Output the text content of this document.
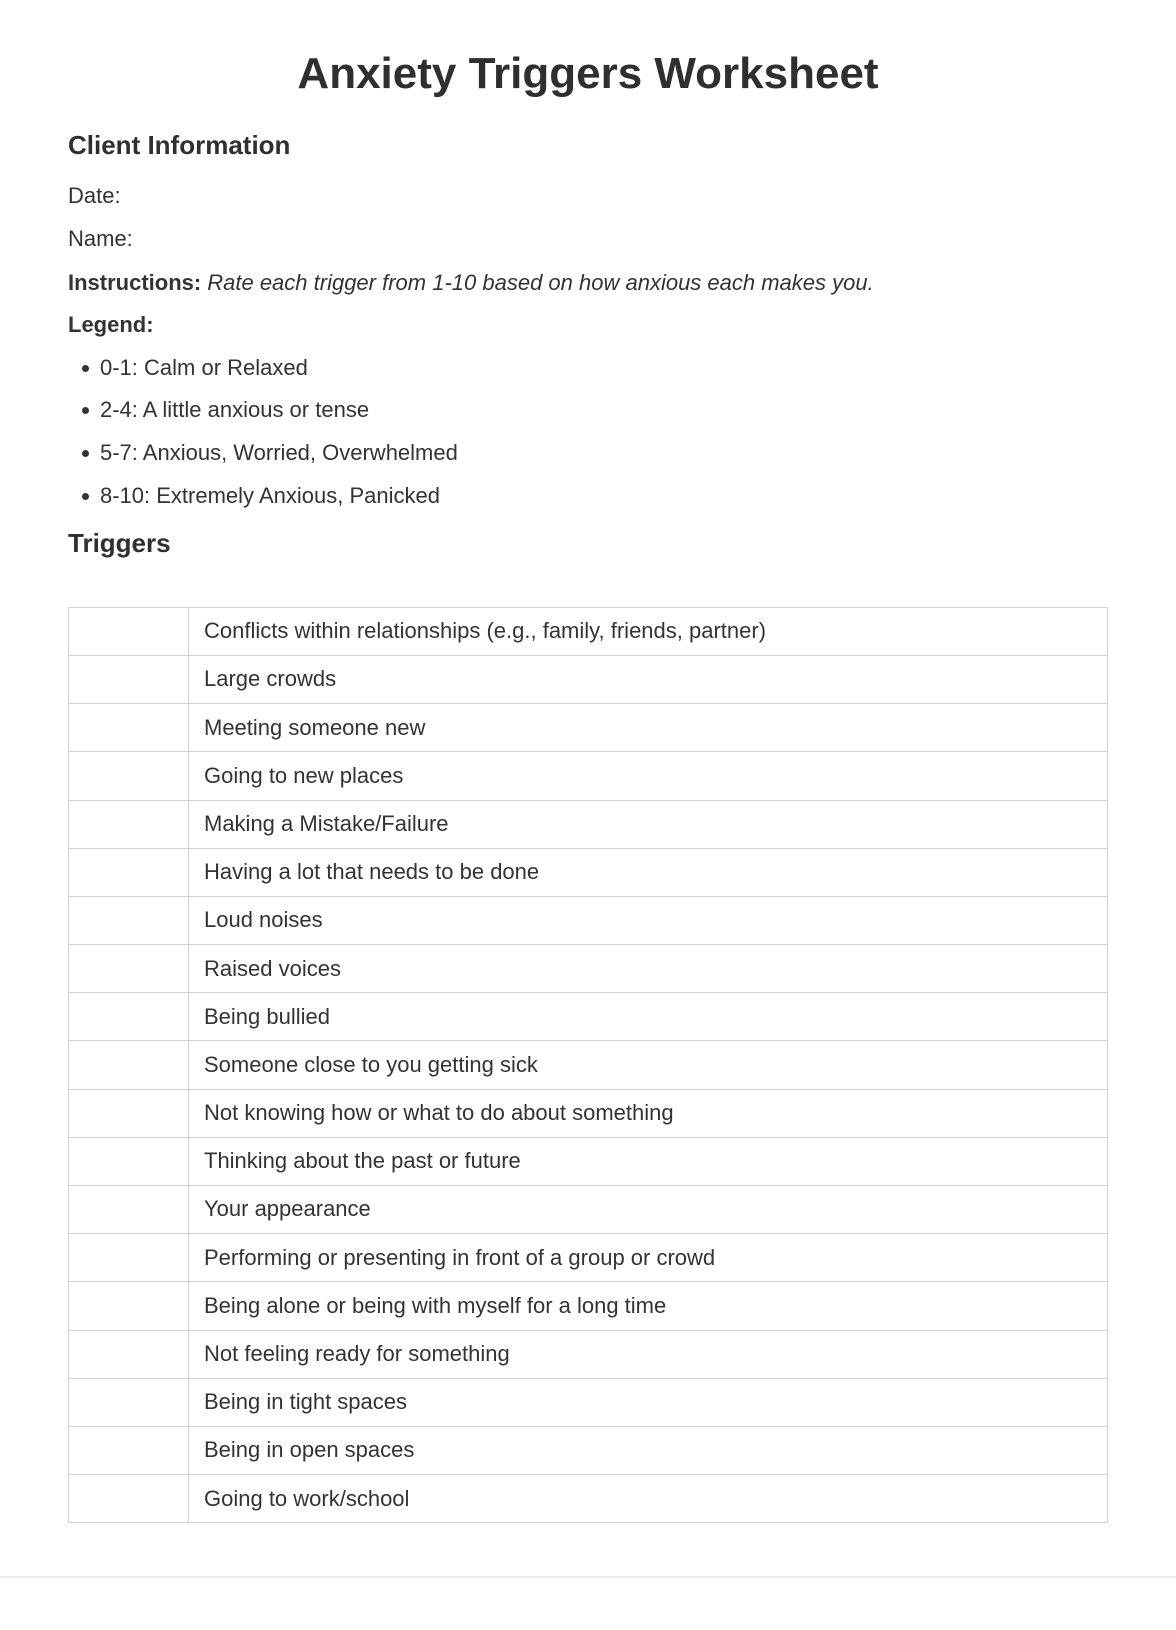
Anxiety Triggers Worksheet
Client Information

Date:

Name:

Instructions: Rate each trigger from 1-10 based on how anxious each makes you.

Legend:

0-1: Calm or Relaxed
2-4: A little anxious or tense
5-7: Anxious, Worried, Overwhelmed
8-10: Extremely Anxious, Panicked
Triggers
	Conflicts within relationships (e.g., family, friends, partner)
	Large crowds
	Meeting someone new
	Going to new places
	Making a Mistake/Failure
	Having a lot that needs to be done
	Loud noises
	Raised voices
	Being bullied
	Someone close to you getting sick
	Not knowing how or what to do about something
	Thinking about the past or future
	Your appearance
	Performing or presenting in front of a group or crowd
	Being alone or being with myself for a long time
	Not feeling ready for something
	Being in tight spaces
	Being in open spaces
	Going to work/school
